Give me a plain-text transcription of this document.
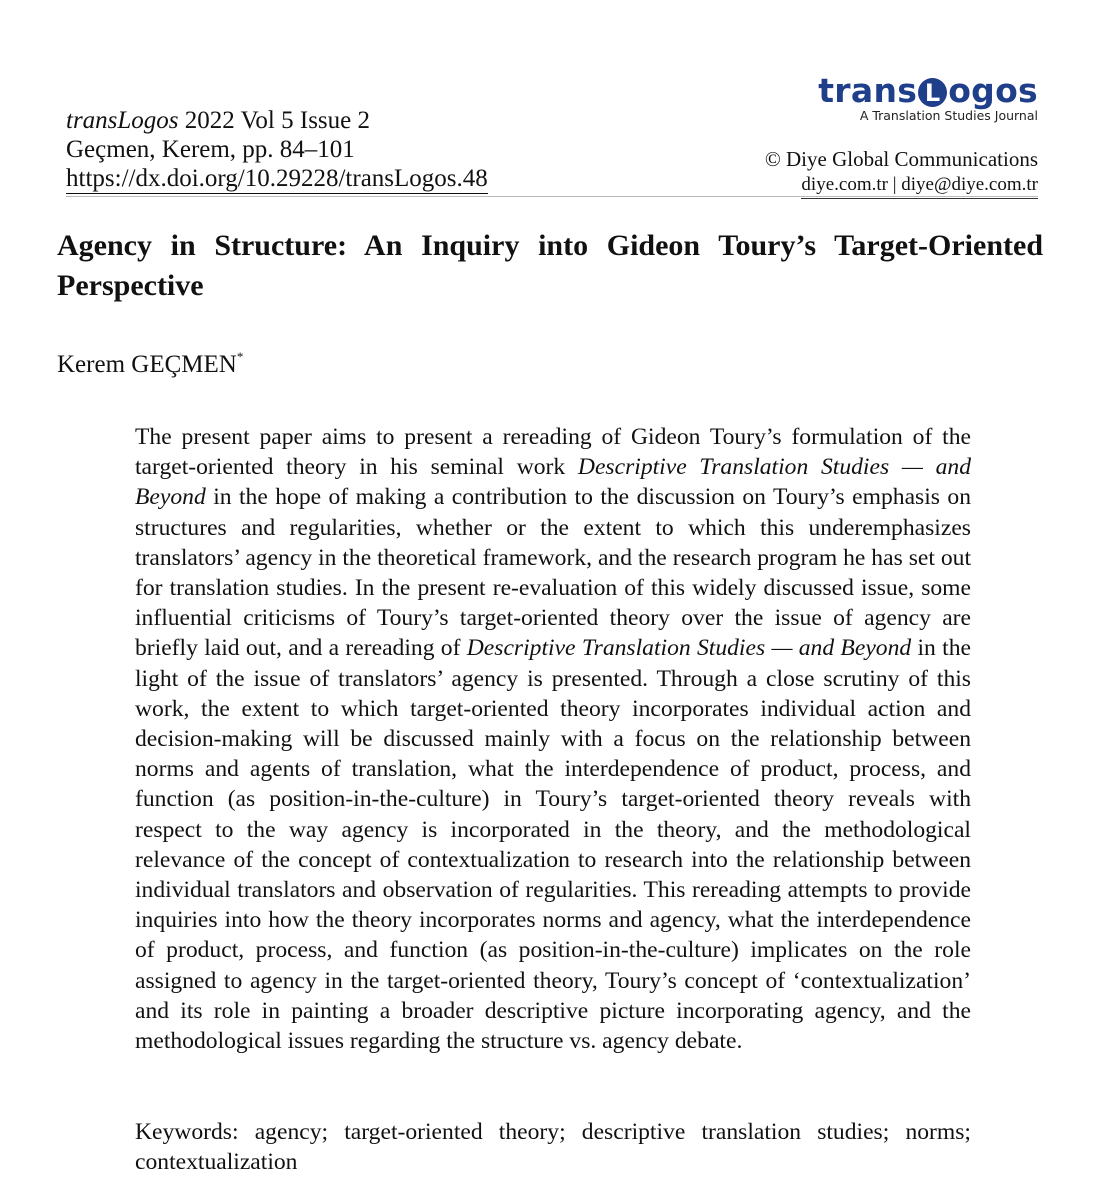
transLogos 2022 Vol 5 Issue 2
Geçmen, Kerem, pp. 84–101
https://dx.doi.org/10.29228/transLogos.48
trans L ogos
A Translation Studies Journal
© Diye Global Communications
diye.com.tr | diye@diye.com.tr
Agency in Structure: An Inquiry into Gideon Toury’s Target-Oriented Perspective
Kerem GEÇMEN*

The present paper aims to present a rereading of Gideon Toury’s formulation of the target-oriented theory in his seminal work Descriptive Translation Studies — and Beyond in the hope of making a contribution to the discussion on Toury’s emphasis on structures and regularities, whether or the extent to which this underemphasizes translators’ agency in the theoretical framework, and the research program he has set out for translation studies. In the present re-evaluation of this widely discussed issue, some influential criticisms of Toury’s target-oriented theory over the issue of agency are briefly laid out, and a rereading of Descriptive Translation Studies — and Beyond in the light of the issue of translators’ agency is presented. Through a close scrutiny of this work, the extent to which target-oriented theory incorporates individual action and decision-making will be discussed mainly with a focus on the relationship between norms and agents of translation, what the interdependence of product, process, and function (as position-in-the-culture) in Toury’s target-oriented theory reveals with respect to the way agency is incorporated in the theory, and the methodological relevance of the concept of contextualization to research into the relationship between individual translators and observation of regularities. This rereading attempts to provide inquiries into how the theory incorporates norms and agency, what the interdependence of product, process, and function (as position-in-the-culture) implicates on the role assigned to agency in the target-oriented theory, Toury’s concept of ‘contextualization’ and its role in painting a broader descriptive picture incorporating agency, and the methodological issues regarding the structure vs. agency debate.

Keywords: agency; target-oriented theory; descriptive translation studies; norms; contextualization
